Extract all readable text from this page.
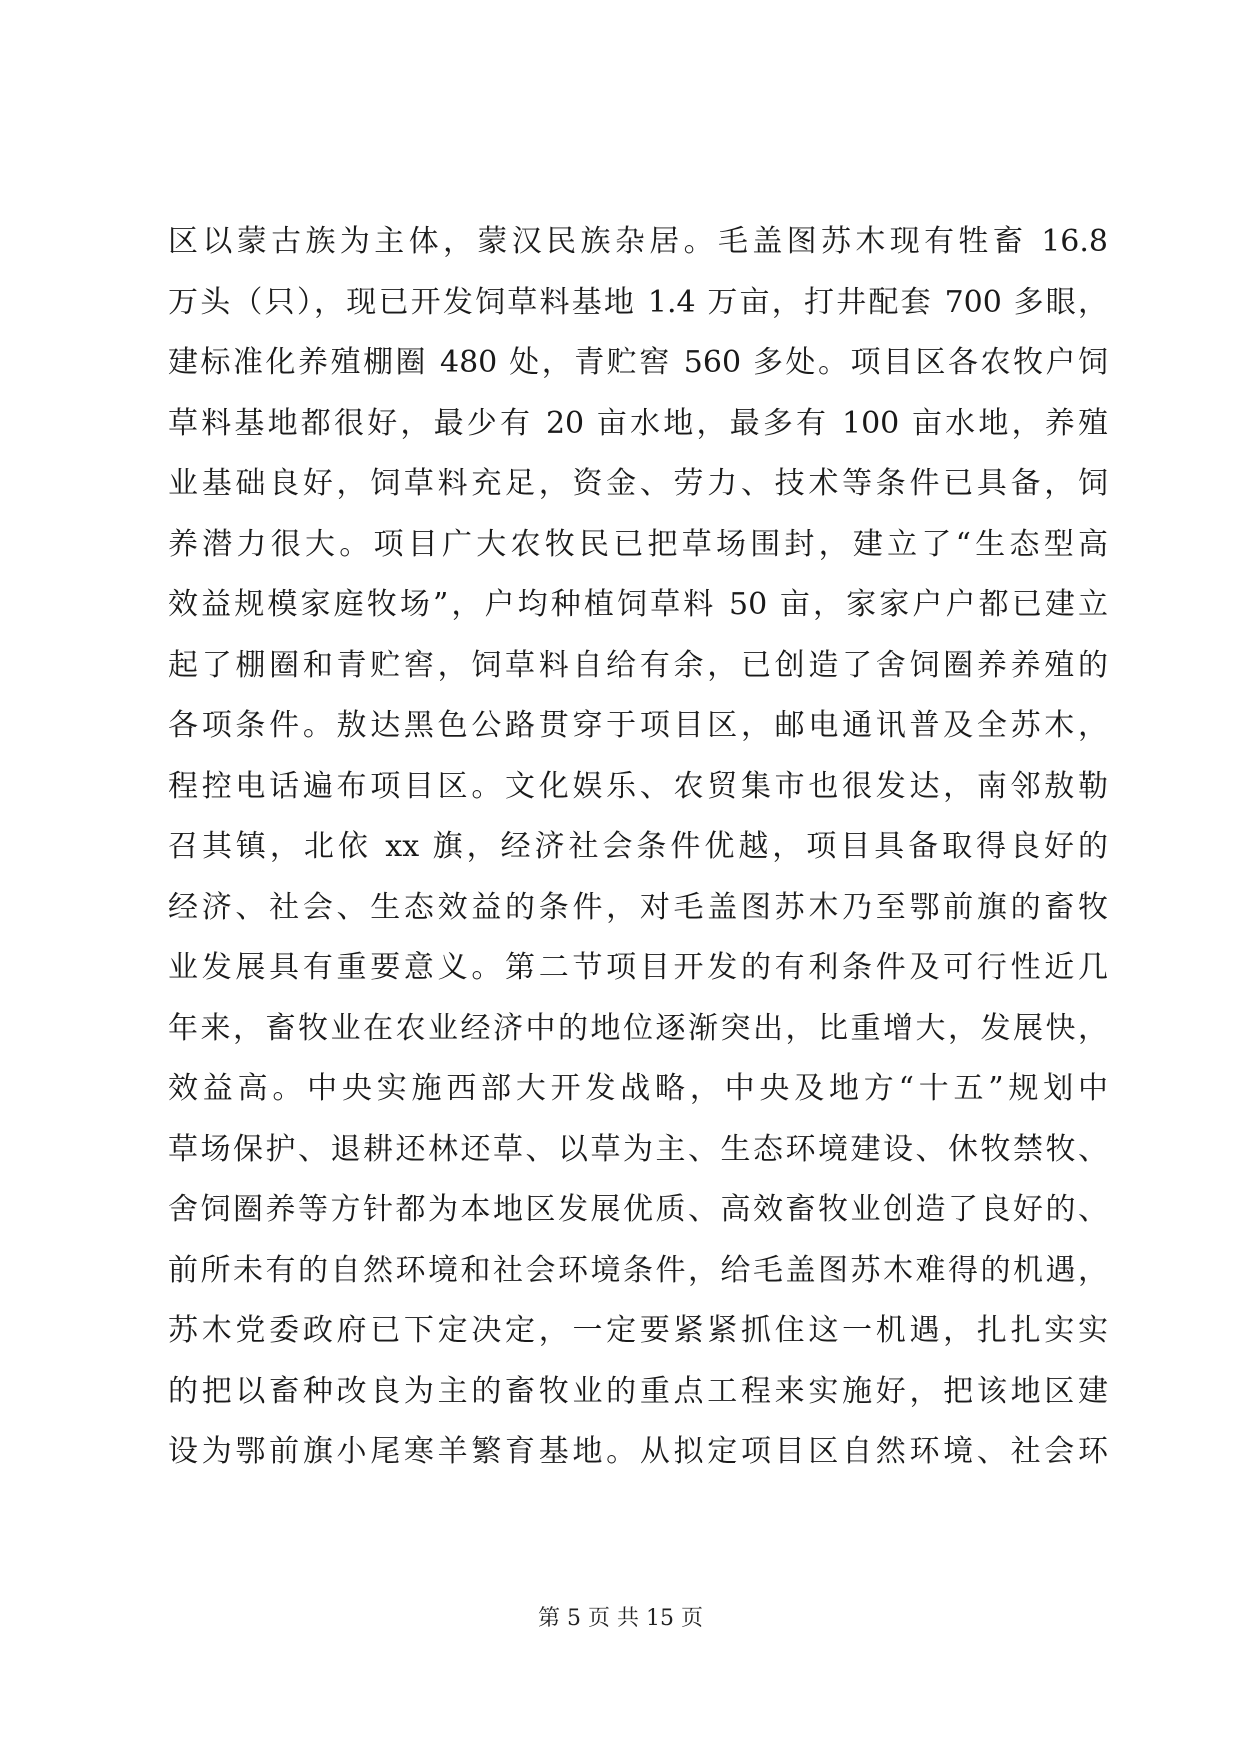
区以蒙古族为主体，蒙汉民族杂居。毛盖图苏木现有牲畜 16.8
万头（只），现已开发饲草料基地 1.4 万亩，打井配套 700 多眼，
建标准化养殖棚圈 480 处，青贮窖 560 多处。项目区各农牧户饲
草料基地都很好，最少有 20 亩水地，最多有 100 亩水地，养殖
业基础良好，饲草料充足，资金、劳力、技术等条件已具备，饲
养潜力很大。项目广大农牧民已把草场围封，建立了“生态型高
效益规模家庭牧场”，户均种植饲草料 50 亩，家家户户都已建立
起了棚圈和青贮窖，饲草料自给有余，已创造了舍饲圈养养殖的
各项条件。敖达黑色公路贯穿于项目区，邮电通讯普及全苏木，
程控电话遍布项目区。文化娱乐、农贸集市也很发达，南邻敖勒
召其镇，北依 xx 旗，经济社会条件优越，项目具备取得良好的
经济、社会、生态效益的条件，对毛盖图苏木乃至鄂前旗的畜牧
业发展具有重要意义。第二节项目开发的有利条件及可行性近几
年来，畜牧业在农业经济中的地位逐渐突出，比重增大，发展快，
效益高。中央实施西部大开发战略，中央及地方“十五”规划中
草场保护、退耕还林还草、以草为主、生态环境建设、休牧禁牧、
舍饲圈养等方针都为本地区发展优质、高效畜牧业创造了良好的、
前所未有的自然环境和社会环境条件，给毛盖图苏木难得的机遇，
苏木党委政府已下定决定，一定要紧紧抓住这一机遇，扎扎实实
的把以畜种改良为主的畜牧业的重点工程来实施好，把该地区建
设为鄂前旗小尾寒羊繁育基地。从拟定项目区自然环境、社会环
第 5 页 共 15 页
